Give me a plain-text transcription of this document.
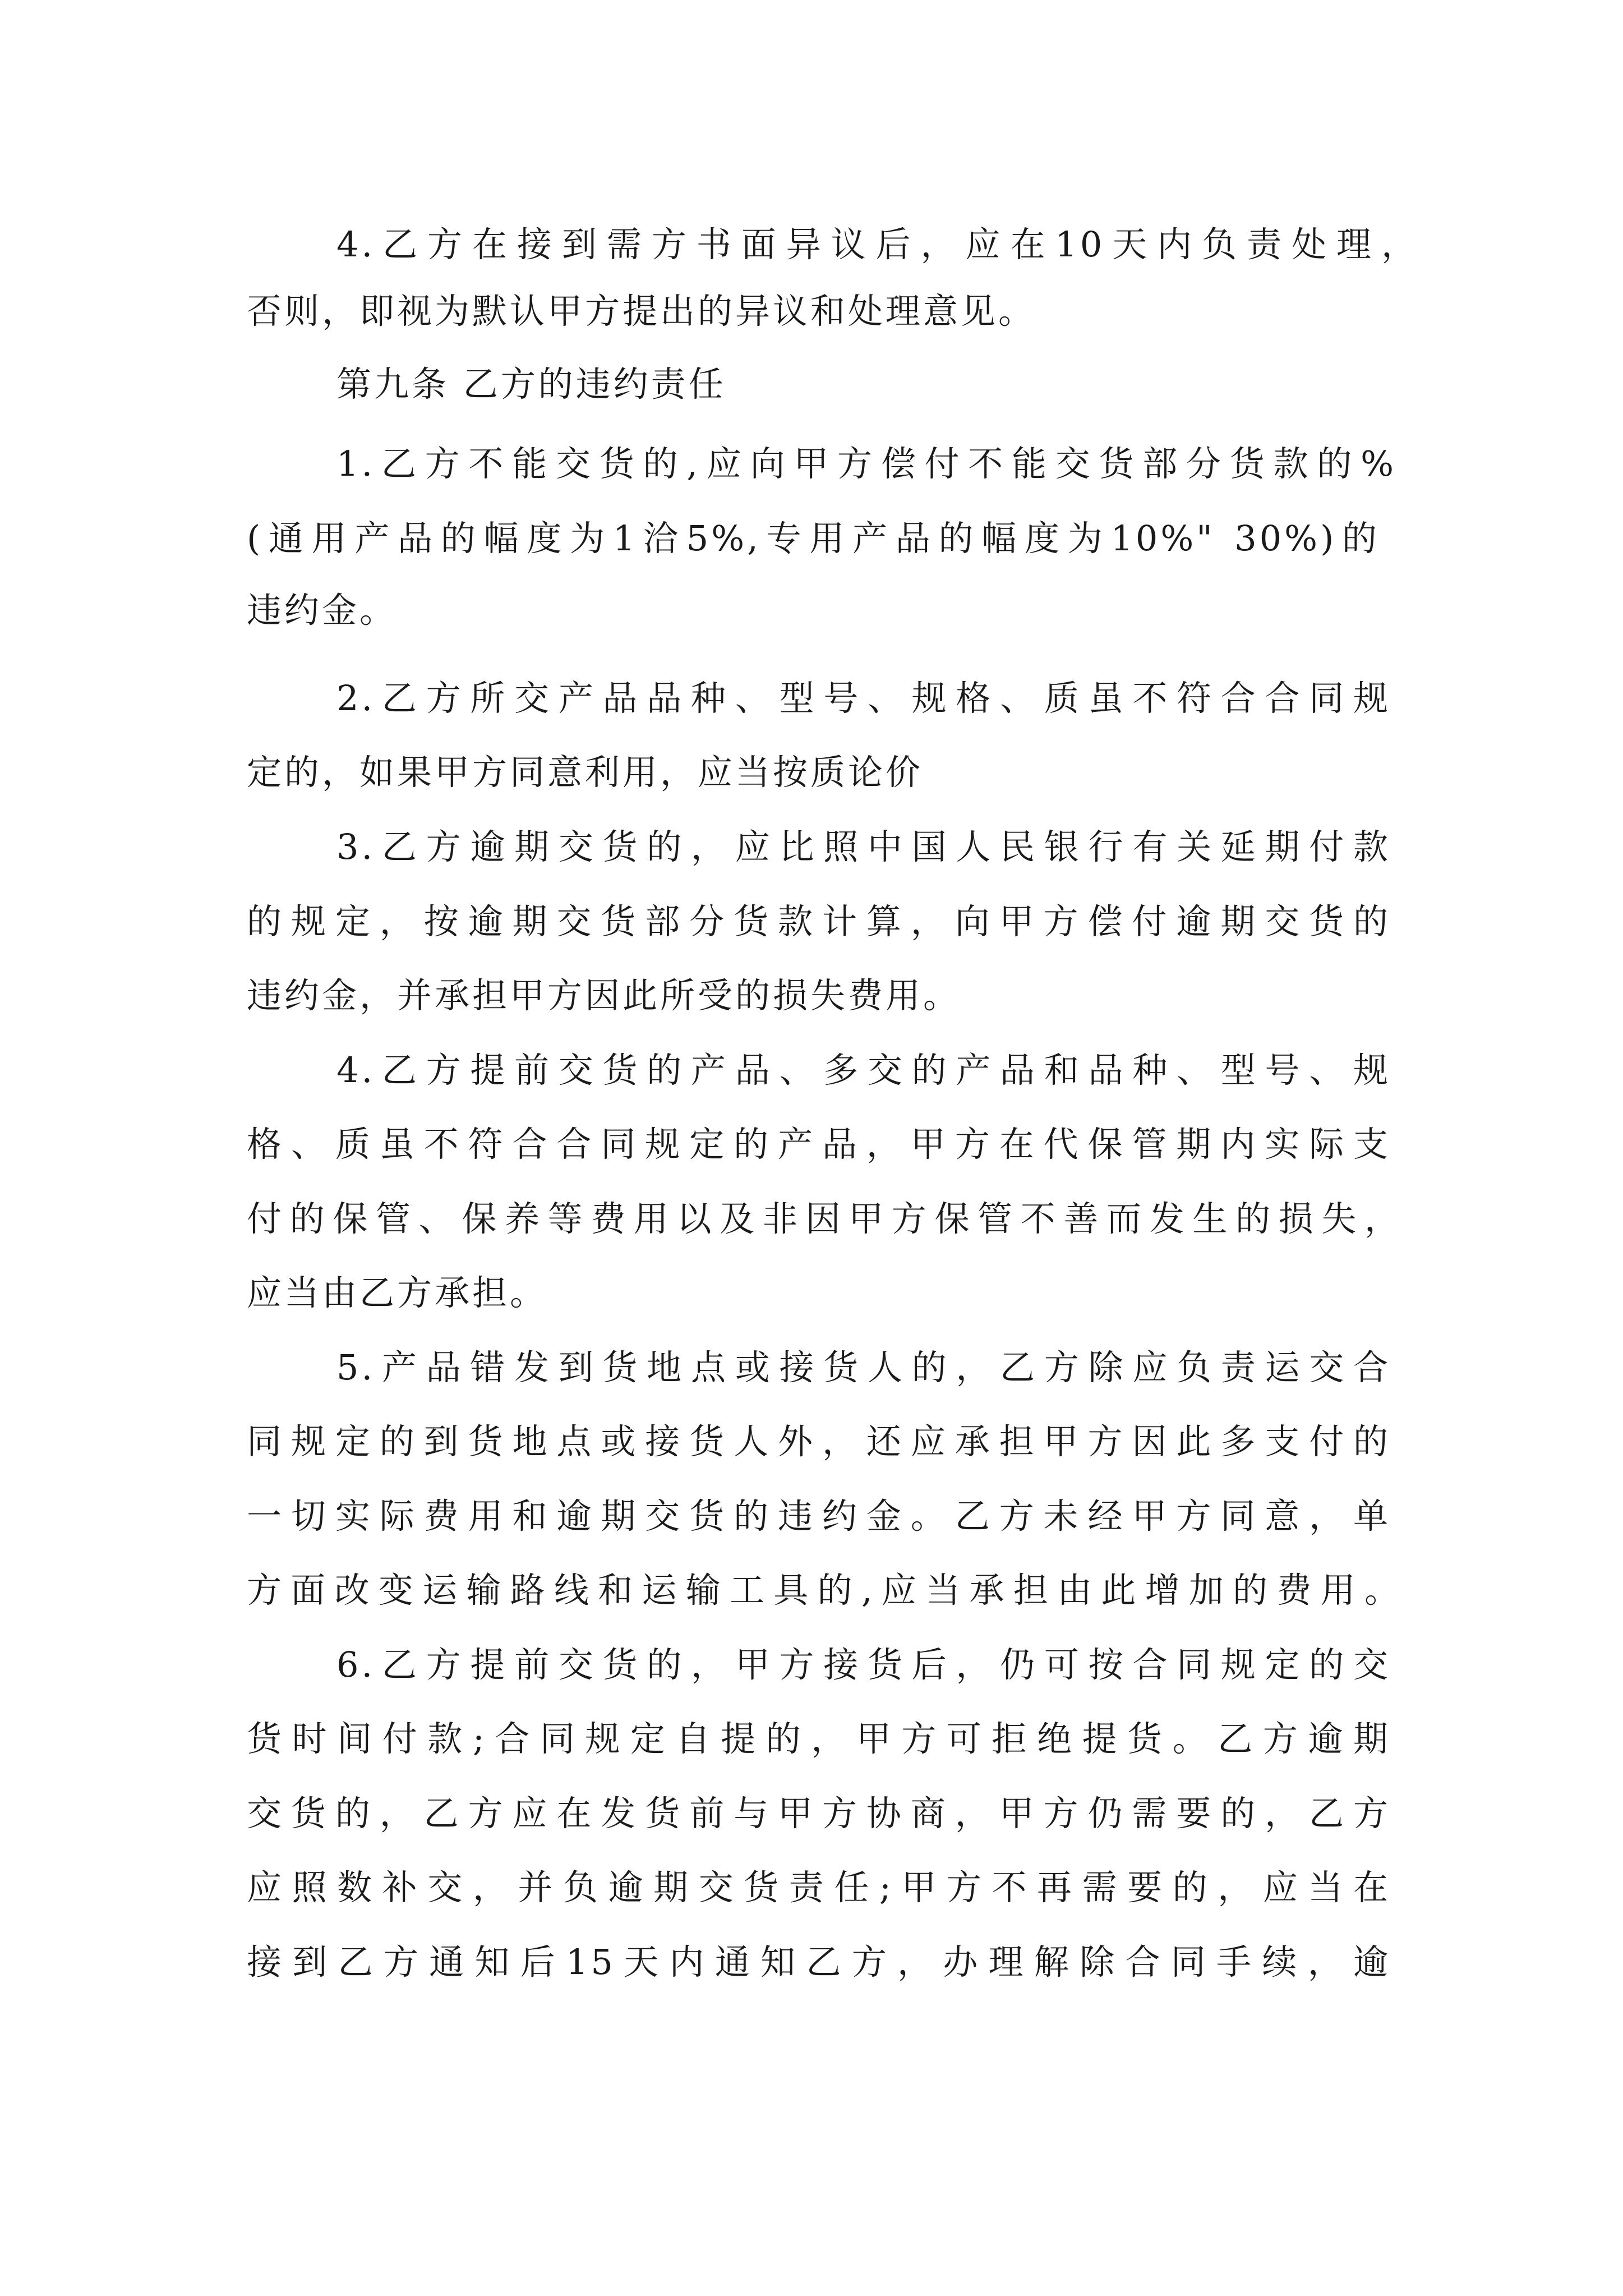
4.乙方在接到需方书面异议后，应在10天内负责处理，

否则，即视为默认甲方提出的异议和处理意见。

第九条 乙方的违约责任

1.乙方不能交货的,应向甲方偿付不能交货部分货款的%

(通用产品的幅度为1洽5%,专用产品的幅度为10%" 30%)的

违约金。

2.乙方所交产品品种、型号、规格、质虽不符合合同规

定的，如果甲方同意利用，应当按质论价

3.乙方逾期交货的，应比照中国人民银行有关延期付款

的规定，按逾期交货部分货款计算，向甲方偿付逾期交货的

违约金，并承担甲方因此所受的损失费用。

4.乙方提前交货的产品、多交的产品和品种、型号、规

格、质虽不符合合同规定的产品，甲方在代保管期内实际支

付的保管、保养等费用以及非因甲方保管不善而发生的损失，

应当由乙方承担。

5.产品错发到货地点或接货人的，乙方除应负责运交合

同规定的到货地点或接货人外，还应承担甲方因此多支付的

一切实际费用和逾期交货的违约金。乙方未经甲方同意，单

方面改变运输路线和运输工具的,应当承担由此增加的费用。

6.乙方提前交货的，甲方接货后，仍可按合同规定的交

货时间付款;合同规定自提的，甲方可拒绝提货。乙方逾期

交货的，乙方应在发货前与甲方协商，甲方仍需要的，乙方

应照数补交，并负逾期交货责任;甲方不再需要的，应当在

接到乙方通知后15天内通知乙方，办理解除合同手续，逾
